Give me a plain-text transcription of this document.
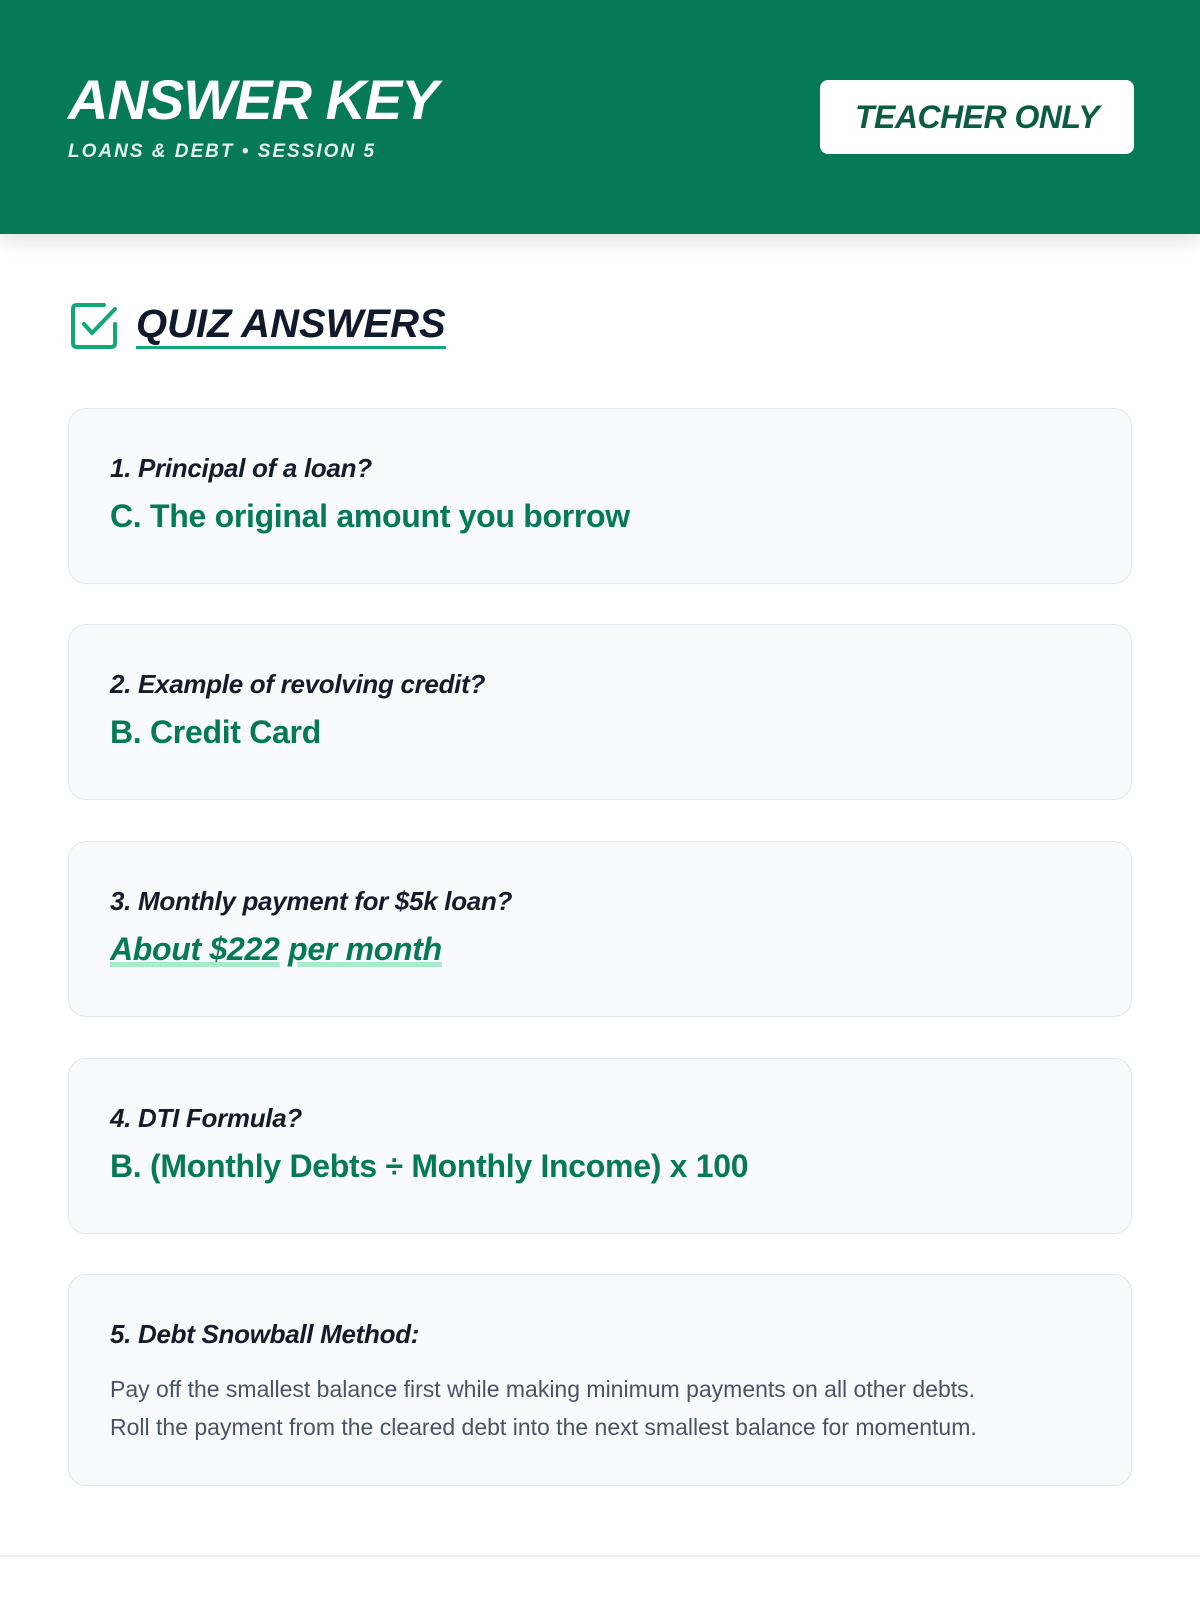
ANSWER KEY
LOANS & DEBT • SESSION 5
TEACHER ONLY
QUIZ ANSWERS
1. Principal of a loan?
C. The original amount you borrow
2. Example of revolving credit?
B. Credit Card
3. Monthly payment for $5k loan?
About $222 per month
4. DTI Formula?
B. (Monthly Debts ÷ Monthly Income) x 100
5. Debt Snowball Method:
Pay off the smallest balance first while making minimum payments on all other debts.
Roll the payment from the cleared debt into the next smallest balance for momentum.
